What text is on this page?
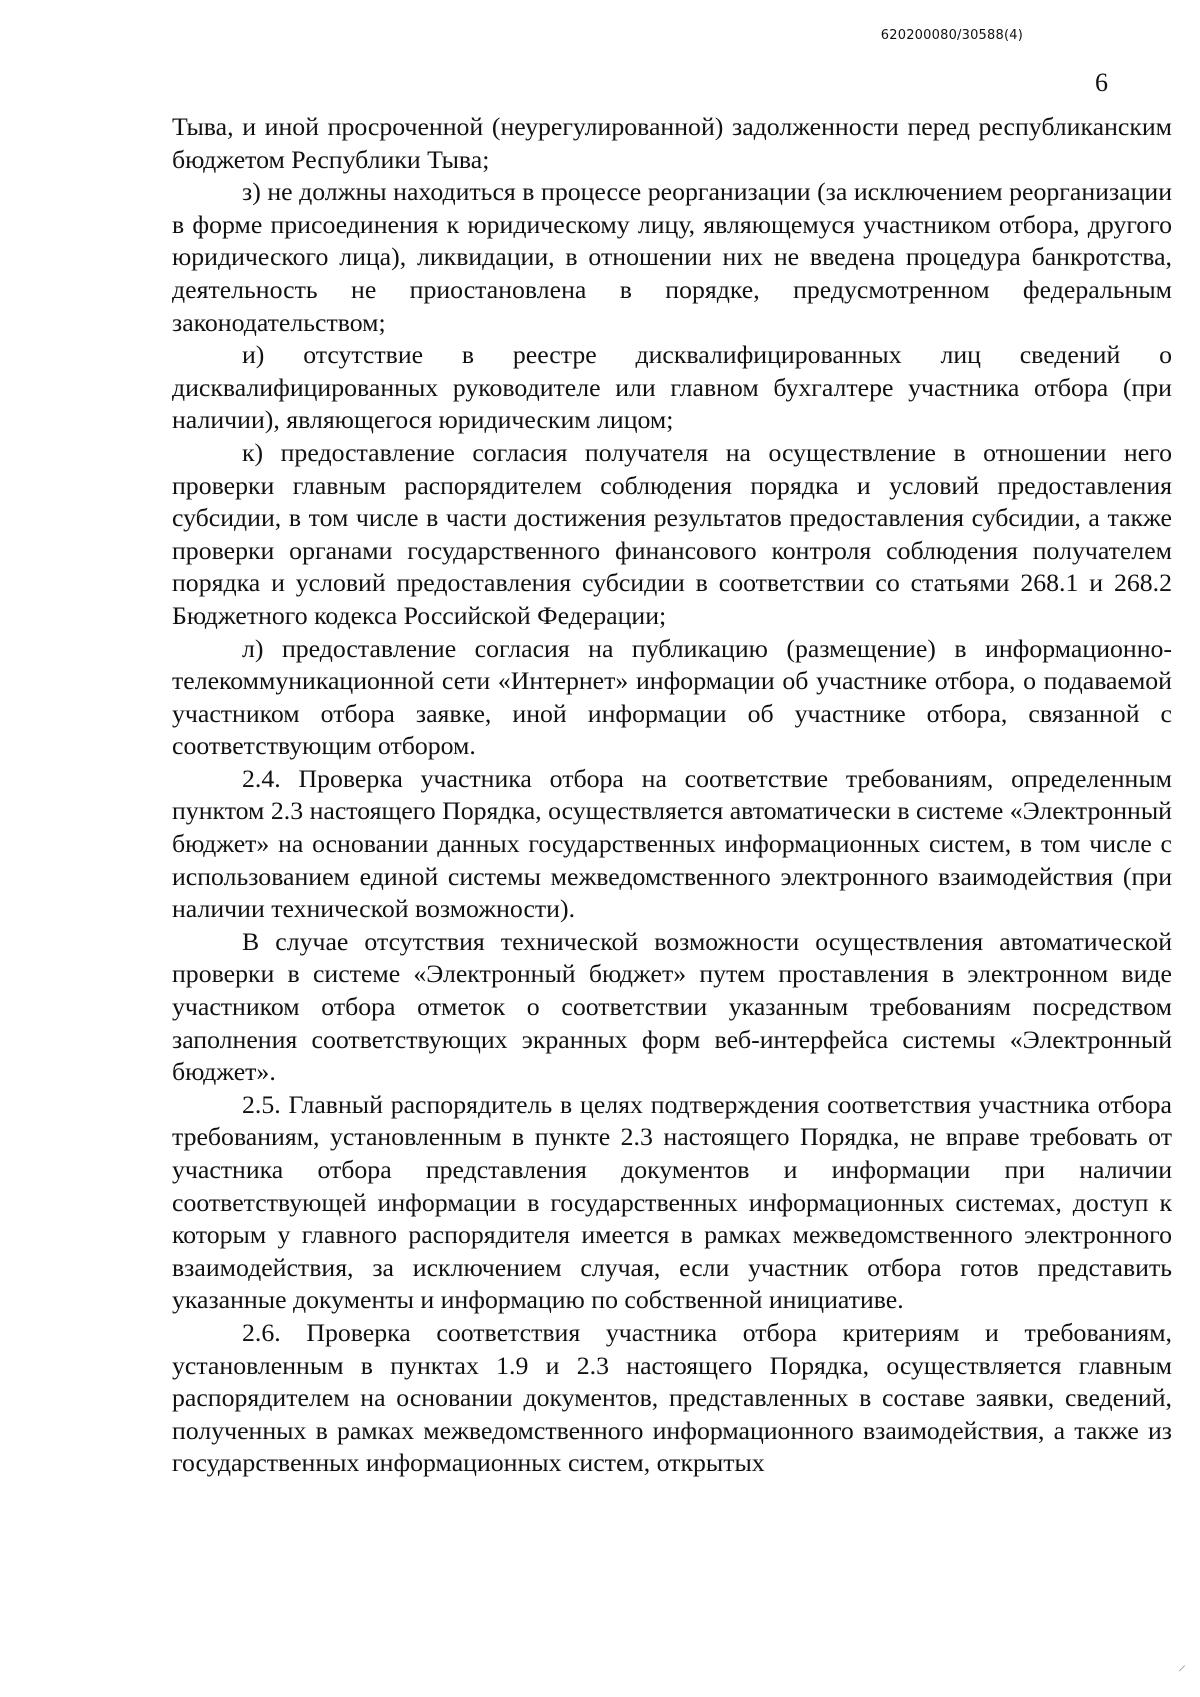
620200080/30588(4)
6

Тыва, и иной просроченной (неурегулированной) задолженности перед республиканским бюджетом Республики Тыва;

з) не должны находиться в процессе реорганизации (за исключением реорганизации в форме присоединения к юридическому лицу, являющемуся участником отбора, другого юридического лица), ликвидации, в отношении них не введена процедура банкротства, деятельность не приостановлена в порядке, предусмотренном федеральным законодательством;

и) отсутствие в реестре дисквалифицированных лиц сведений о дисквалифицированных руководителе или главном бухгалтере участника отбора (при наличии), являющегося юридическим лицом;

к) предоставление согласия получателя на осуществление в отношении него проверки главным распорядителем соблюдения порядка и условий предоставления субсидии, в том числе в части достижения результатов предоставления субсидии, а также проверки органами государственного финансового контроля соблюдения получателем порядка и условий предоставления субсидии в соответствии со статьями 268.1 и 268.2 Бюджетного кодекса Российской Федерации;

л) предоставление согласия на публикацию (размещение) в информационно-телекоммуникационной сети «Интернет» информации об участнике отбора, о подаваемой участником отбора заявке, иной информации об участнике отбора, связанной с соответствующим отбором.

2.4. Проверка участника отбора на соответствие требованиям, определенным пунктом 2.3 настоящего Порядка, осуществляется автоматически в системе «Электронный бюджет» на основании данных государственных информационных систем, в том числе с использованием единой системы межведомственного электронного взаимодействия (при наличии технической возможности).

В случае отсутствия технической возможности осуществления автоматической проверки в системе «Электронный бюджет» путем проставления в электронном виде участником отбора отметок о соответствии указанным требованиям посредством заполнения соответствующих экранных форм веб-интерфейса системы «Электронный бюджет».

2.5. Главный распорядитель в целях подтверждения соответствия участника отбора требованиям, установленным в пункте 2.3 настоящего Порядка, не вправе требовать от участника отбора представления документов и информации при наличии соответствующей информации в государственных информационных системах, доступ к которым у главного распорядителя имеется в рамках межведомственного электронного взаимодействия, за исключением случая, если участник отбора готов представить указанные документы и информацию по собственной инициативе.

2.6. Проверка соответствия участника отбора критериям и требованиям, установленным в пунктах 1.9 и 2.3 настоящего Порядка, осуществляется главным распорядителем на основании документов, представленных в составе заявки, сведений, полученных в рамках межведомственного информационного взаимодействия, а также из государственных информационных систем, открытых

⸝
